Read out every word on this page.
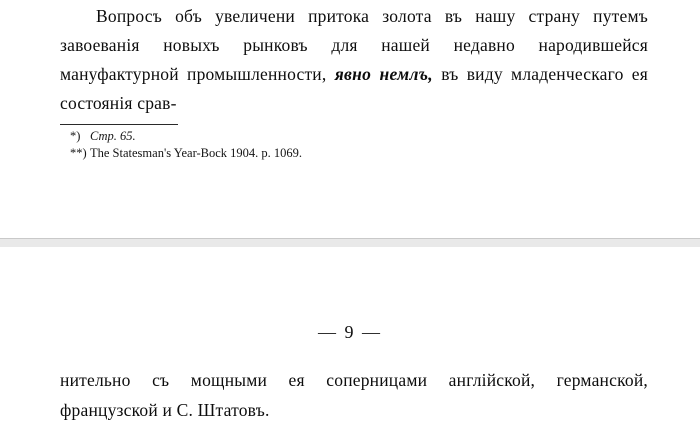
Вопросъ объ увеличени притока золота въ нашу страну путемъ завоеванія новыхъ рынковъ для нашей недавно народившейся мануфактурной промышленности, явно немлъ, въ виду младенческаго ея состоянія срав-
*) Стр. 65.
**) The Statesman's Year-Bock 1904. p. 1069.
— 9 —
нительно съ мощными ея соперницами англійской, германской, французской и С. Штатовъ.
